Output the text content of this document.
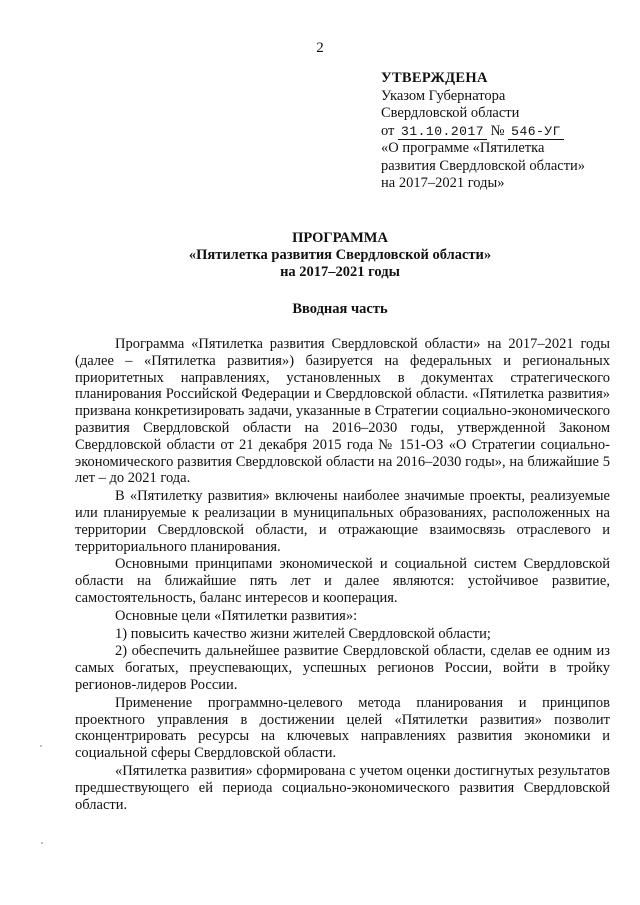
2
УТВЕРЖДЕНА
Указом Губернатора
Свердловской области
от 31.10.2017 № 546-УГ
«О программе «Пятилетка
развития Свердловской области»
на 2017–2021 годы»
ПРОГРАММА
«Пятилетка развития Свердловской области»
на 2017–2021 годы
Вводная часть

Программа «Пятилетка развития Свердловской области» на 2017–2021 годы (далее – «Пятилетка развития») базируется на федеральных и региональных приоритетных направлениях, установленных в документах стратегического планирования Российской Федерации и Свердловской области. «Пятилетка развития» призвана конкретизировать задачи, указанные в Стратегии социально-экономического развития Свердловской области на 2016–2030 годы, утвержденной Законом Свердловской области от 21 декабря 2015 года № 151-ОЗ «О Стратегии социально-экономического развития Свердловской области на 2016–2030 годы», на ближайшие 5 лет – до 2021 года.

В «Пятилетку развития» включены наиболее значимые проекты, реализуемые или планируемые к реализации в муниципальных образованиях, расположенных на территории Свердловской области, и отражающие взаимосвязь отраслевого и территориального планирования.

Основными принципами экономической и социальной систем Свердловской области на ближайшие пять лет и далее являются: устойчивое развитие, самостоятельность, баланс интересов и кооперация.

Основные цели «Пятилетки развития»:

1) повысить качество жизни жителей Свердловской области;

2) обеспечить дальнейшее развитие Свердловской области, сделав ее одним из самых богатых, преуспевающих, успешных регионов России, войти в тройку регионов-лидеров России.

Применение программно-целевого метода планирования и принципов проектного управления в достижении целей «Пятилетки развития» позволит сконцентрировать ресурсы на ключевых направлениях развития экономики и социальной сферы Свердловской области.

«Пятилетка развития» сформирована с учетом оценки достигнутых результатов предшествующего ей периода социально-экономического развития Свердловской области.
